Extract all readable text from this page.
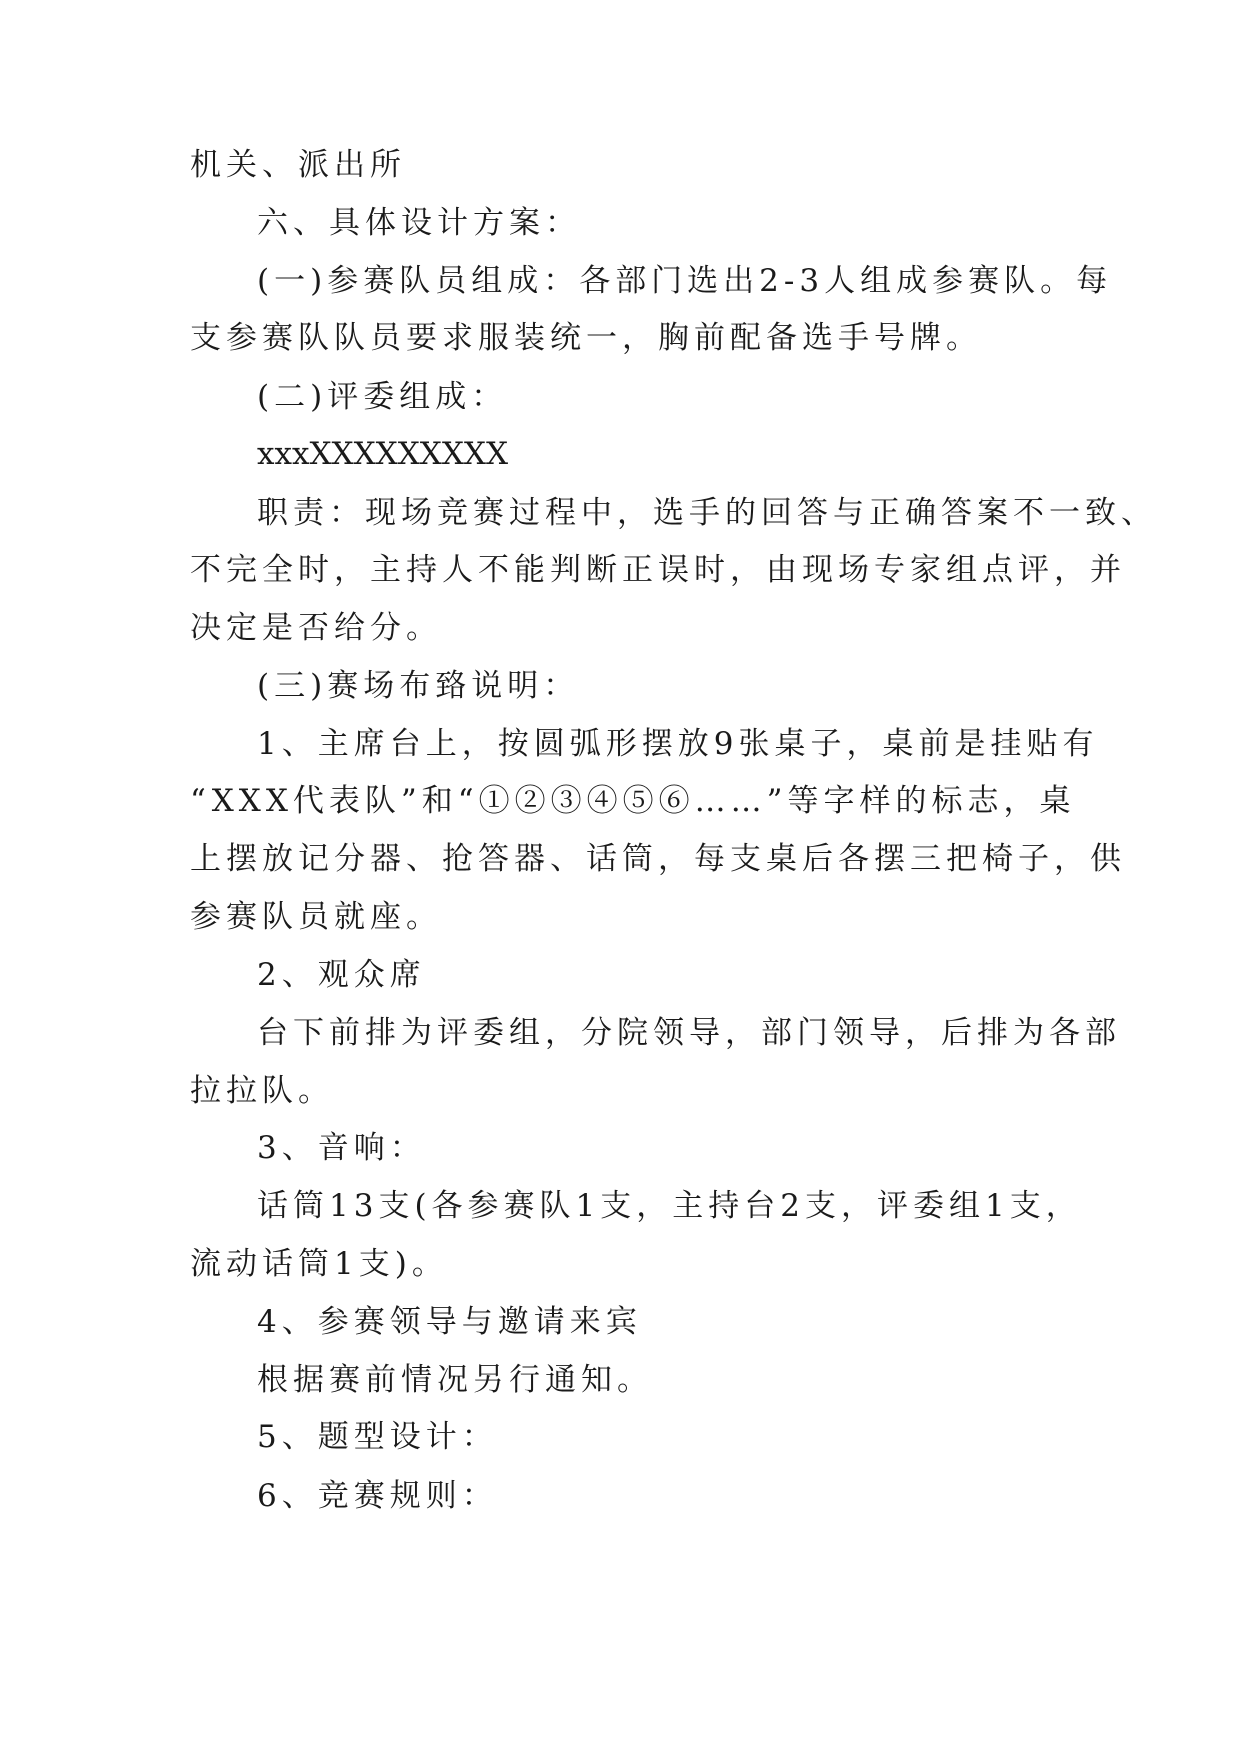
机关、派出所
六、具体设计方案：
(一)参赛队员组成：各部门选出2-3人组成参赛队。每
支参赛队队员要求服装统一，胸前配备选手号牌。
(二)评委组成：
xxxXXXXXXXXX
职责：现场竞赛过程中，选手的回答与正确答案不一致、
不完全时，主持人不能判断正误时，由现场专家组点评，并
决定是否给分。
(三)赛场布臵说明：
1、主席台上，按圆弧形摆放9张桌子，桌前是挂贴有
“XXX代表队”和“①②③④⑤⑥……”等字样的标志，桌
上摆放记分器、抢答器、话筒，每支桌后各摆三把椅子，供
参赛队员就座。
2、观众席
台下前排为评委组，分院领导，部门领导，后排为各部
拉拉队。
3、音响：
话筒13支(各参赛队1支，主持台2支，评委组1支，
流动话筒1支)。
4、参赛领导与邀请来宾
根据赛前情况另行通知。
5、题型设计：
6、竞赛规则：
